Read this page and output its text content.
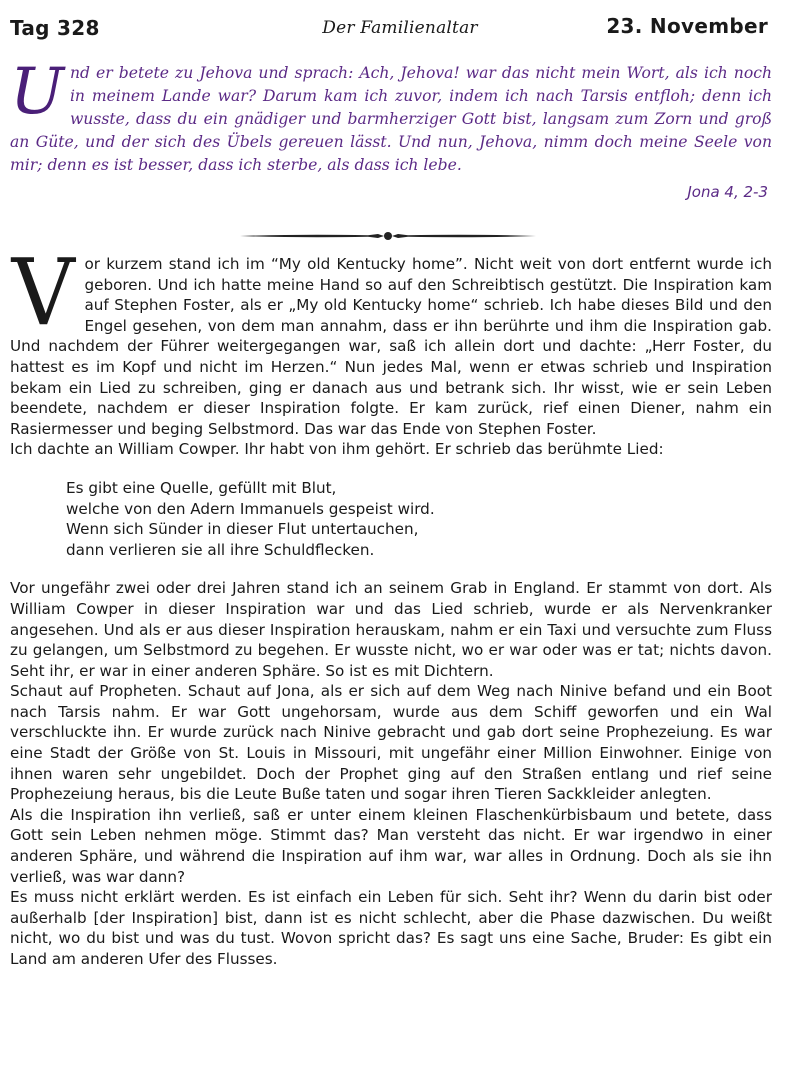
Tag 328	Der Familienaltar	23. November
U nd er betete zu Jehova und sprach: Ach, Jehova! war das nicht mein Wort, als ich noch in meinem Lande war? Darum kam ich zuvor, indem ich nach Tarsis entfloh; denn ich wusste, dass du ein gnädiger und barmherziger Gott bist, langsam zum Zorn und groß an Güte, und der sich des Übels gereuen lässt. Und nun, Jehova, nimm doch meine Seele von mir; denn es ist besser, dass ich sterbe, als dass ich lebe.
Jona 4, 2-3
V or kurzem stand ich im “My old Kentucky home”. Nicht weit von dort entfernt wurde ich geboren. Und ich hatte meine Hand so auf den Schreibtisch gestützt. Die Inspiration kam auf Stephen Foster, als er „My old Kentucky home“ schrieb. Ich habe dieses Bild und den Engel gesehen, von dem man annahm, dass er ihn berührte und ihm die Inspiration gab. Und nachdem der Führer weitergegangen war, saß ich allein dort und dachte: „Herr Foster, du hattest es im Kopf und nicht im Herzen.“ Nun jedes Mal, wenn er etwas schrieb und Inspiration bekam ein Lied zu schreiben, ging er danach aus und betrank sich. Ihr wisst, wie er sein Leben beendete, nachdem er dieser Inspiration folgte. Er kam zurück, rief einen Diener, nahm ein Rasiermesser und beging Selbstmord. Das war das Ende von Stephen Foster.

Ich dachte an William Cowper. Ihr habt von ihm gehört. Er schrieb das berühmte Lied:

Es gibt eine Quelle, gefüllt mit Blut,
welche von den Adern Immanuels gespeist wird.
Wenn sich Sünder in dieser Flut untertauchen,
dann verlieren sie all ihre Schuldflecken.

Vor ungefähr zwei oder drei Jahren stand ich an seinem Grab in England. Er stammt von dort. Als William Cowper in dieser Inspiration war und das Lied schrieb, wurde er als Nervenkranker angesehen. Und als er aus dieser Inspiration herauskam, nahm er ein Taxi und versuchte zum Fluss zu gelangen, um Selbstmord zu begehen. Er wusste nicht, wo er war oder was er tat; nichts davon. Seht ihr, er war in einer anderen Sphäre. So ist es mit Dichtern.

Schaut auf Propheten. Schaut auf Jona, als er sich auf dem Weg nach Ninive befand und ein Boot nach Tarsis nahm. Er war Gott ungehorsam, wurde aus dem Schiff geworfen und ein Wal verschluckte ihn. Er wurde zurück nach Ninive gebracht und gab dort seine Prophezeiung. Es war eine Stadt der Größe von St. Louis in Missouri, mit ungefähr einer Million Einwohner. Einige von ihnen waren sehr ungebildet. Doch der Prophet ging auf den Straßen entlang und rief seine Prophezeiung heraus, bis die Leute Buße taten und sogar ihren Tieren Sackkleider anlegten.

Als die Inspiration ihn verließ, saß er unter einem kleinen Flaschenkürbisbaum und betete, dass Gott sein Leben nehmen möge. Stimmt das? Man versteht das nicht. Er war irgendwo in einer anderen Sphäre, und während die Inspiration auf ihm war, war alles in Ordnung. Doch als sie ihn verließ, was war dann?

Es muss nicht erklärt werden. Es ist einfach ein Leben für sich. Seht ihr? Wenn du darin bist oder außerhalb [der Inspiration] bist, dann ist es nicht schlecht, aber die Phase dazwischen. Du weißt nicht, wo du bist und was du tust. Wovon spricht das? Es sagt uns eine Sache, Bruder: Es gibt ein Land am anderen Ufer des Flusses.
